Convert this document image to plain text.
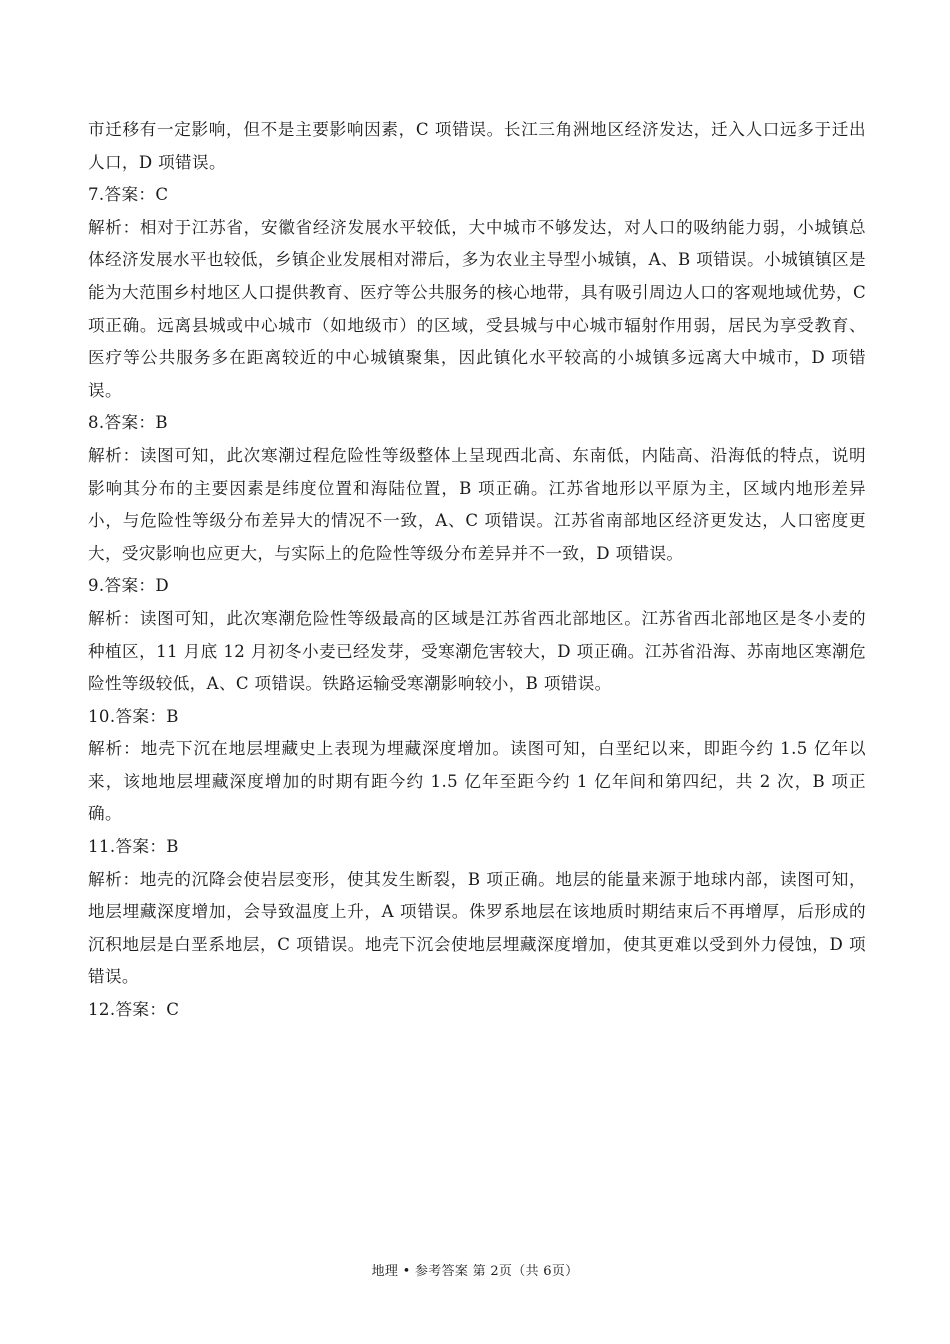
市迁移有一定影响，但不是主要影响因素，C 项错误。长江三角洲地区经济发达，迁入人口远多于迁出人口，D 项错误。

7.答案：C

解析：相对于江苏省，安徽省经济发展水平较低，大中城市不够发达，对人口的吸纳能力弱，小城镇总体经济发展水平也较低，乡镇企业发展相对滞后，多为农业主导型小城镇，A、B 项错误。小城镇镇区是能为大范围乡村地区人口提供教育、医疗等公共服务的核心地带，具有吸引周边人口的客观地域优势，C 项正确。远离县城或中心城市（如地级市）的区域，受县城与中心城市辐射作用弱，居民为享受教育、医疗等公共服务多在距离较近的中心城镇聚集，因此镇化水平较高的小城镇多远离大中城市，D 项错误。

8.答案：B

解析：读图可知，此次寒潮过程危险性等级整体上呈现西北高、东南低，内陆高、沿海低的特点，说明影响其分布的主要因素是纬度位置和海陆位置，B 项正确。江苏省地形以平原为主，区域内地形差异小，与危险性等级分布差异大的情况不一致，A、C 项错误。江苏省南部地区经济更发达，人口密度更大，受灾影响也应更大，与实际上的危险性等级分布差异并不一致，D 项错误。

9.答案：D

解析：读图可知，此次寒潮危险性等级最高的区域是江苏省西北部地区。江苏省西北部地区是冬小麦的种植区，11 月底 12 月初冬小麦已经发芽，受寒潮危害较大，D 项正确。江苏省沿海、苏南地区寒潮危险性等级较低，A、C 项错误。铁路运输受寒潮影响较小，B 项错误。

10.答案：B

解析：地壳下沉在地层埋藏史上表现为埋藏深度增加。读图可知，白垩纪以来，即距今约 1.5 亿年以来，该地地层埋藏深度增加的时期有距今约 1.5 亿年至距今约 1 亿年间和第四纪，共 2 次，B 项正确。

11.答案：B

解析：地壳的沉降会使岩层变形，使其发生断裂，B 项正确。地层的能量来源于地球内部，读图可知，地层埋藏深度增加，会导致温度上升，A 项错误。侏罗系地层在该地质时期结束后不再增厚，后形成的沉积地层是白垩系地层，C 项错误。地壳下沉会使地层埋藏深度增加，使其更难以受到外力侵蚀，D 项错误。

12.答案：C

地理 • 参考答案 第 2页（共 6页）
